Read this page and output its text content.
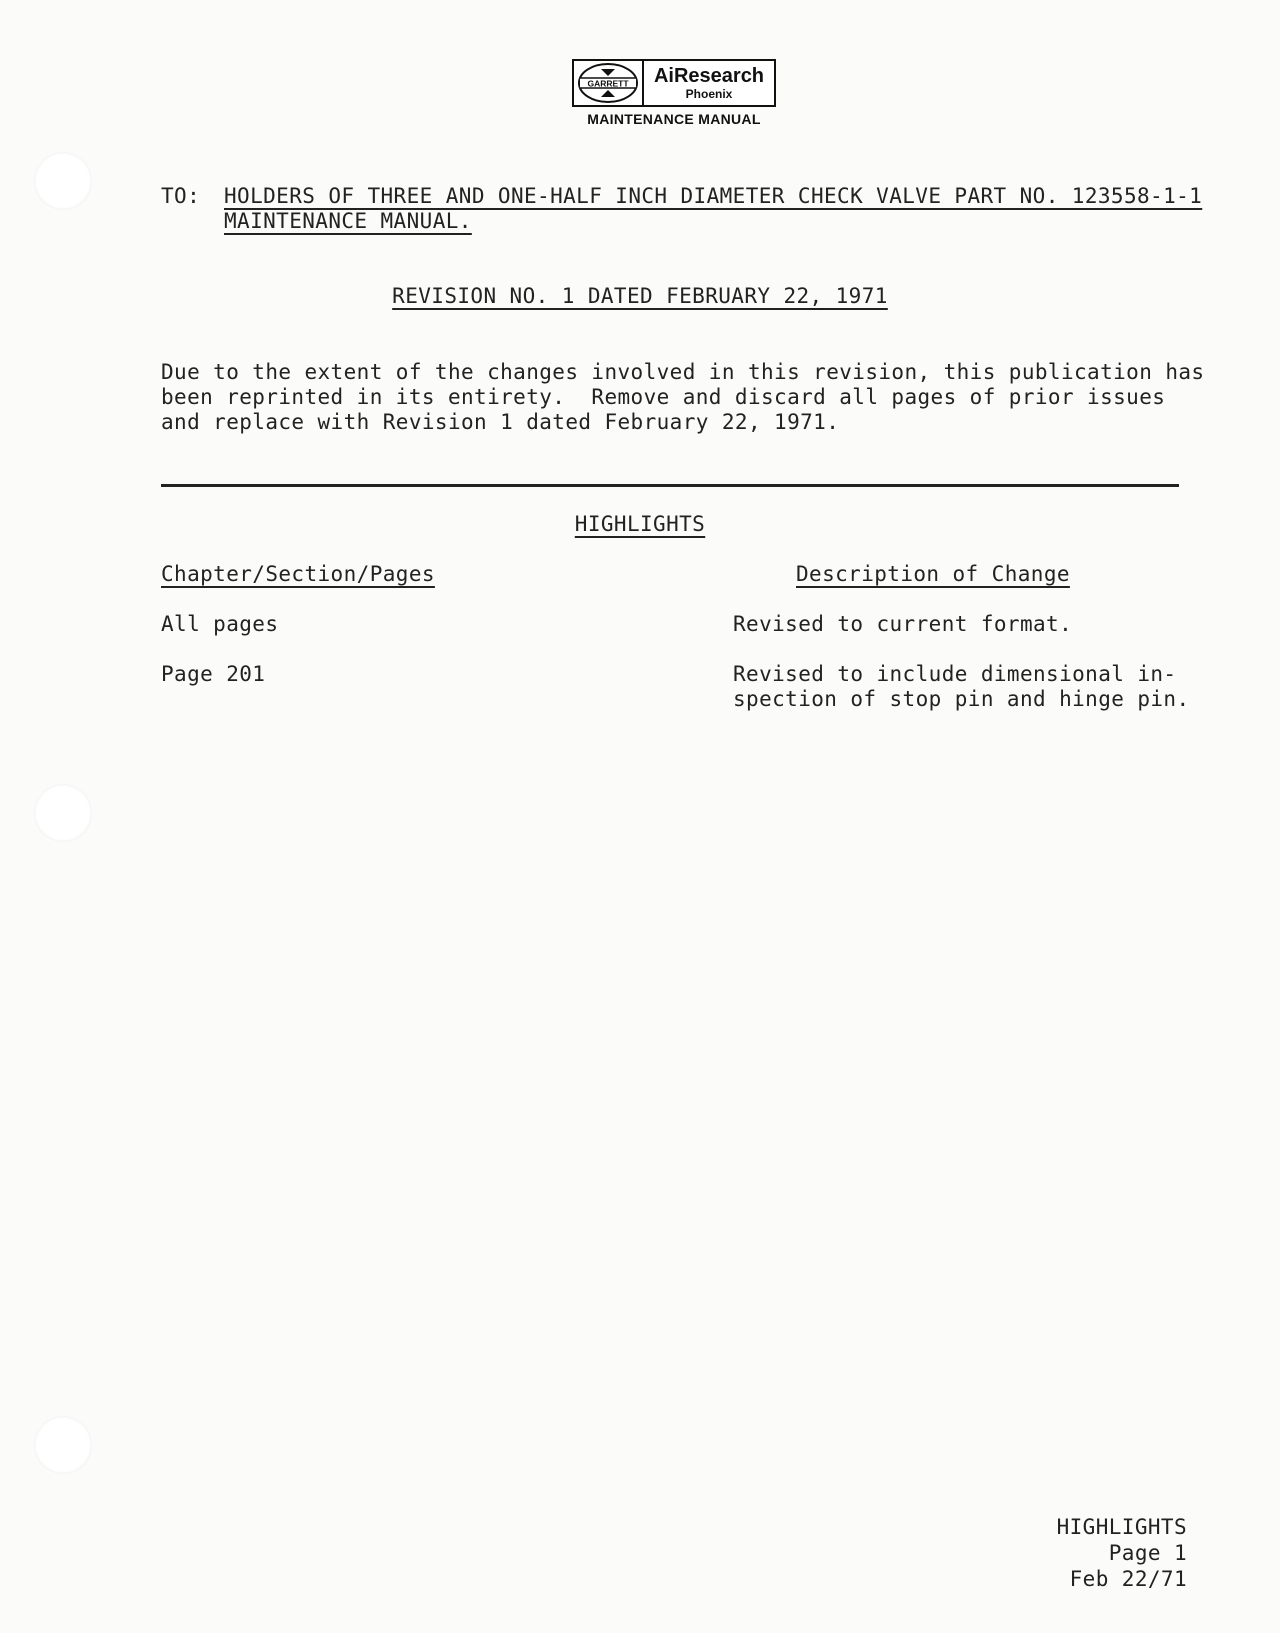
GARRETT AiResearch
Phoenix
MAINTENANCE MANUAL
TO: HOLDERS OF THREE AND ONE-HALF INCH DIAMETER CHECK VALVE PART NO. 123558-1-1
MAINTENANCE MANUAL.
REVISION NO. 1 DATED FEBRUARY 22, 1971
Due to the extent of the changes involved in this revision, this publication has
been reprinted in its entirety.  Remove and discard all pages of prior issues
and replace with Revision 1 dated February 22, 1971.
HIGHLIGHTS
Chapter/Section/Pages	Description of Change
All pages	Revised to current format.
Page 201	Revised to include dimensional in-
spection of stop pin and hinge pin.
HIGHLIGHTS
Page 1
Feb 22/71
